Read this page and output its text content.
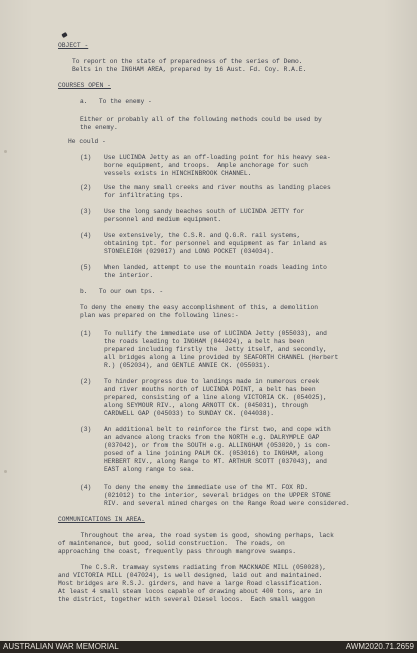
OBJECT -

To report on the state of preparedness of the series of Demo.

Belts in the INGHAM AREA, prepared by 16 Aust. Fd. Coy. R.A.E.

COURSES OPEN -

a.   To the enemy -

Either or probably all of the following methods could be used by

the enemy.

He could -

(1) Use LUCINDA Jetty as an off-loading point for his heavy sea-

borne equipment, and troops.  Ample anchorage for such

vessels exists in HINCHINBROOK CHANNEL.

(2) Use the many small creeks and river mouths as landing places

for infiltrating tps.

(3) Use the long sandy beaches south of LUCINDA JETTY for

personnel and medium equipment.

(4) Use extensively, the C.S.R. and Q.G.R. rail systems,

obtaining tpt. for personnel and equipment as far inland as

STONELEIGH (029017) and LONG POCKET (034034).

(5) When landed, attempt to use the mountain roads leading into

the interior.

b.   To our own tps. -

To deny the enemy the easy accomplishment of this, a demolition

plan was prepared on the following lines:-

(1) To nullify the immediate use of LUCINDA Jetty (055033), and

the roads leading to INGHAM (044024), a belt has been

prepared including firstly the  Jetty itself, and secondly,

all bridges along a line provided by SEAFORTH CHANNEL (Herbert

R.) (052034), and GENTLE ANNIE CK. (055031).

(2) To hinder progress due to landings made in numerous creek

and river mouths north of LUCINDA POINT, a belt has been

prepared, consisting of a line along VICTORIA CK. (054025),

along SEYMOUR RIV., along ARNOTT CK. (045031), through

CARDWELL GAP (045033) to SUNDAY CK. (044038).

(3) An additional belt to reinforce the first two, and cope with

an advance along tracks from the NORTH e.g. DALRYMPLE GAP

(037042), or from the SOUTH e.g. ALLINGHAM (053020,) is com-

posed of a line joining PALM CK. (053016) to INGHAM, along

HERBERT RIV., along Range to MT. ARTHUR SCOTT (037043), and

EAST along range to sea.

(4) To deny the enemy the immediate use of the MT. FOX RD.

(021012) to the interior, several bridges on the UPPER STONE

RIV. and several mined charges on the Range Road were considered.

COMMUNICATIONS IN AREA.

Throughout the area, the road system is good, showing perhaps, lack

of maintenance, but good, solid construction.  The roads, on

approaching the coast, frequently pass through mangrove swamps.

The C.S.R. tramway systems radiating from MACKNADE MILL (050028),

and VICTORIA MILL (047024), is well designed, laid out and maintained.

Most bridges are R.S.J. girders, and have a large Road classification.

At least 4 small steam locos capable of drawing about 400 tons, are in

the district, together with several Diesel locos.  Each small waggon

AUSTRALIAN WAR MEMORIAL	AWM2020.71.2659
